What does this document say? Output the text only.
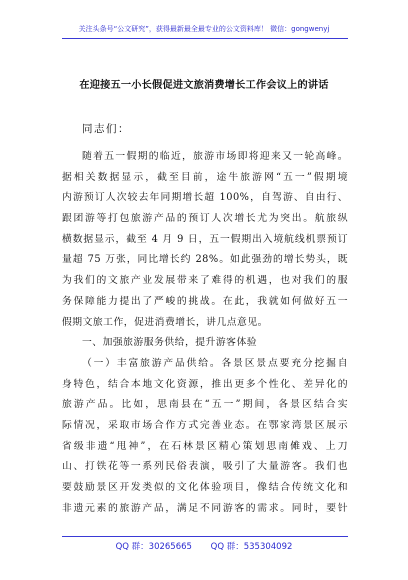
关注头条号“公文研究”，获得最新最全最专业的公文资料库！ 微信：gongwenyj
在迎接五一小长假促进文旅消费增长工作会议上的讲话
同志们：
随着五一假期的临近，旅游市场即将迎来又一轮高峰。
据相关数据显示，截至目前，途牛旅游网“五一”假期境
内游预订人次较去年同期增长超 100%，自驾游、自由行、
跟团游等打包旅游产品的预订人次增长尤为突出。航旅纵
横数据显示，截至 4 月 9 日，五一假期出入境航线机票预订
量超 75 万张，同比增长约 28%。如此强劲的增长势头，既
为我们的文旅产业发展带来了难得的机遇，也对我们的服
务保障能力提出了严峻的挑战。在此，我就如何做好五一
假期文旅工作，促进消费增长，讲几点意见。
一、加强旅游服务供给，提升游客体验
（一）丰富旅游产品供给。各景区景点要充分挖掘自
身特色，结合本地文化资源，推出更多个性化、差异化的
旅游产品。比如，思南县在“五一”期间，各景区结合实
际情况，采取市场合作方式完善业态。在鄂家湾景区展示
省级非遗“甩神”，在石林景区精心策划思南傩戏、上刀
山、打铁花等一系列民俗表演，吸引了大量游客。我们也
要鼓励景区开发类似的文化体验项目，像结合传统文化和
非遗元素的旅游产品，满足不同游客的需求。同时，要针
QQ 群：30265665 QQ 群：535304092
